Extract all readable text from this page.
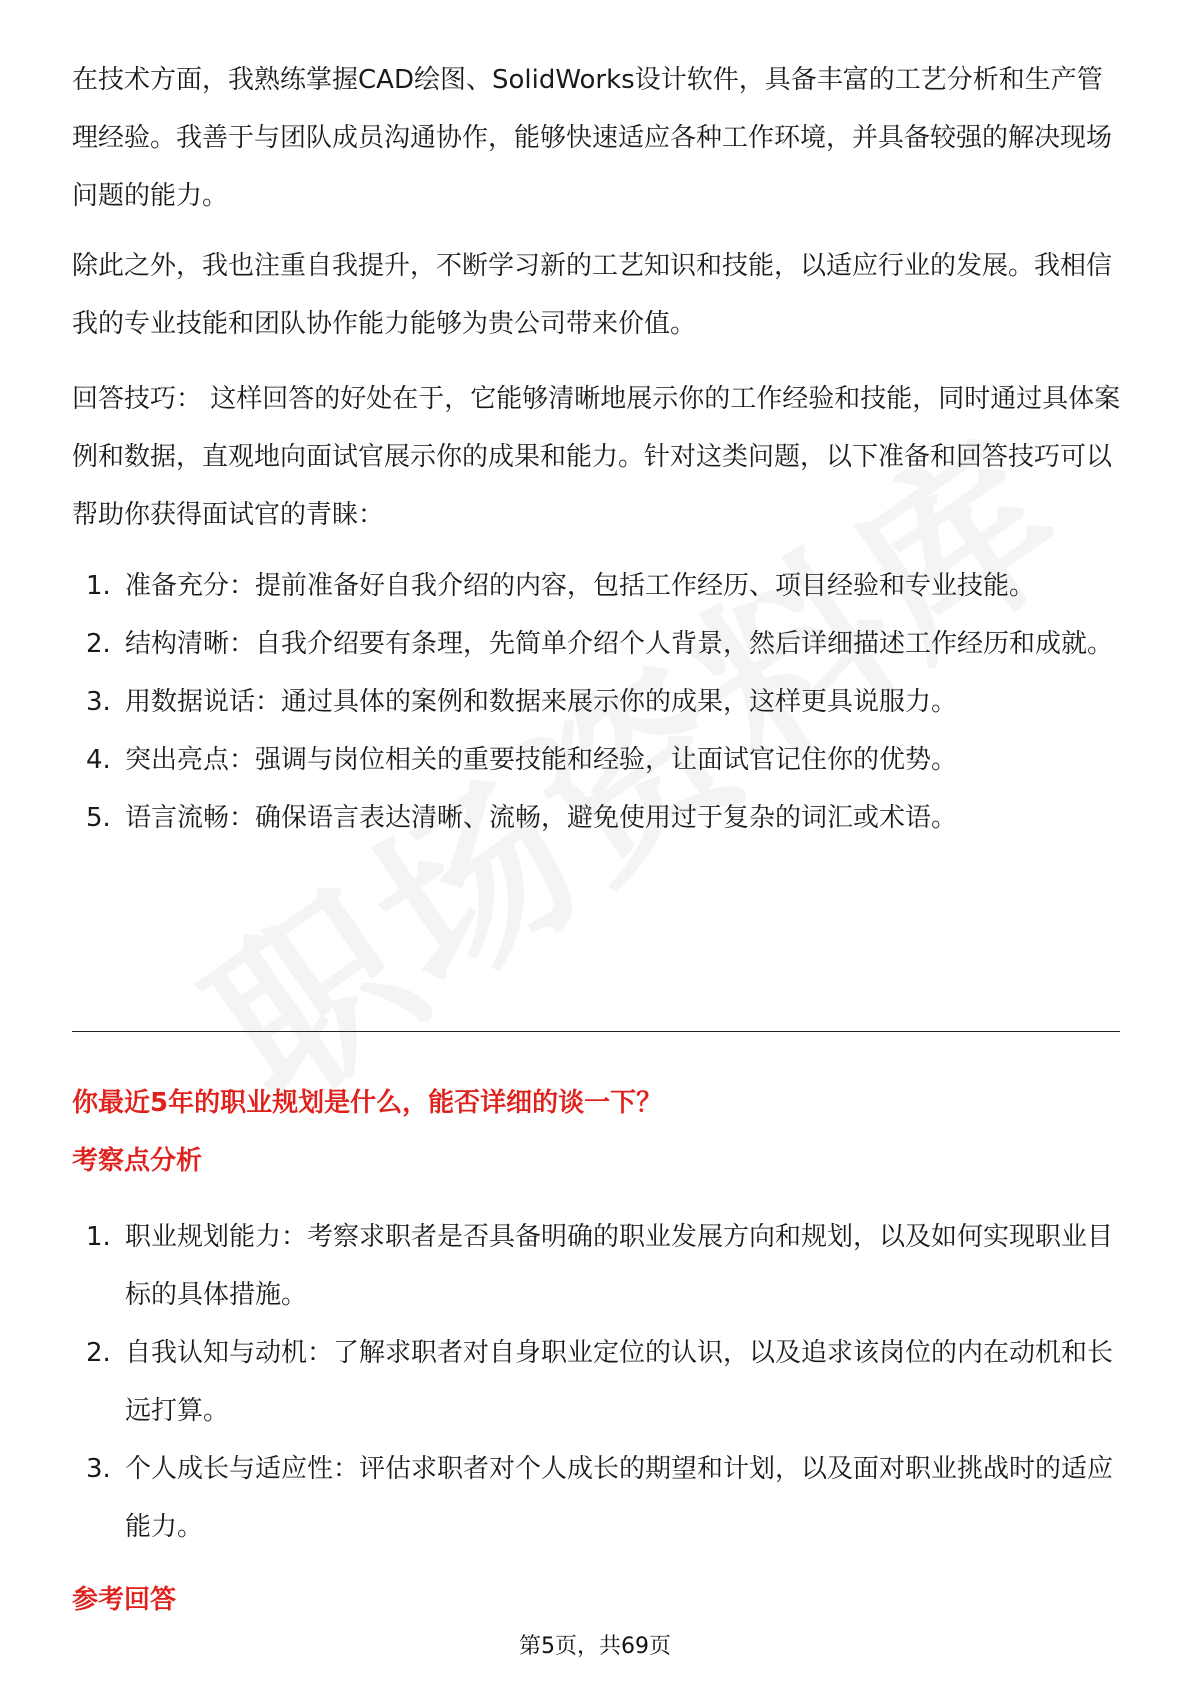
在技术方面，我熟练掌握CAD绘图、SolidWorks设计软件，具备丰富的工艺分析和生产管理经验。我善于与团队成员沟通协作，能够快速适应各种工作环境，并具备较强的解决现场问题的能力。

除此之外，我也注重自我提升，不断学习新的工艺知识和技能，以适应行业的发展。我相信我的专业技能和团队协作能力能够为贵公司带来价值。

回答技巧： 这样回答的好处在于，它能够清晰地展示你的工作经验和技能，同时通过具体案例和数据，直观地向面试官展示你的成果和能力。针对这类问题，以下准备和回答技巧可以帮助你获得面试官的青睐：

1. 准备充分：提前准备好自我介绍的内容，包括工作经历、项目经验和专业技能。
2. 结构清晰：自我介绍要有条理，先简单介绍个人背景，然后详细描述工作经历和成就。
3. 用数据说话：通过具体的案例和数据来展示你的成果，这样更具说服力。
4. 突出亮点：强调与岗位相关的重要技能和经验，让面试官记住你的优势。
5. 语言流畅：确保语言表达清晰、流畅，避免使用过于复杂的词汇或术语。
你最近5年的职业规划是什么，能否详细的谈一下？
考察点分析
1. 职业规划能力：考察求职者是否具备明确的职业发展方向和规划，以及如何实现职业目标的具体措施。
2. 自我认知与动机：了解求职者对自身职业定位的认识，以及追求该岗位的内在动机和长远打算。
3. 个人成长与适应性：评估求职者对个人成长的期望和计划，以及面对职业挑战时的适应能力。
参考回答
第5页，共69页
